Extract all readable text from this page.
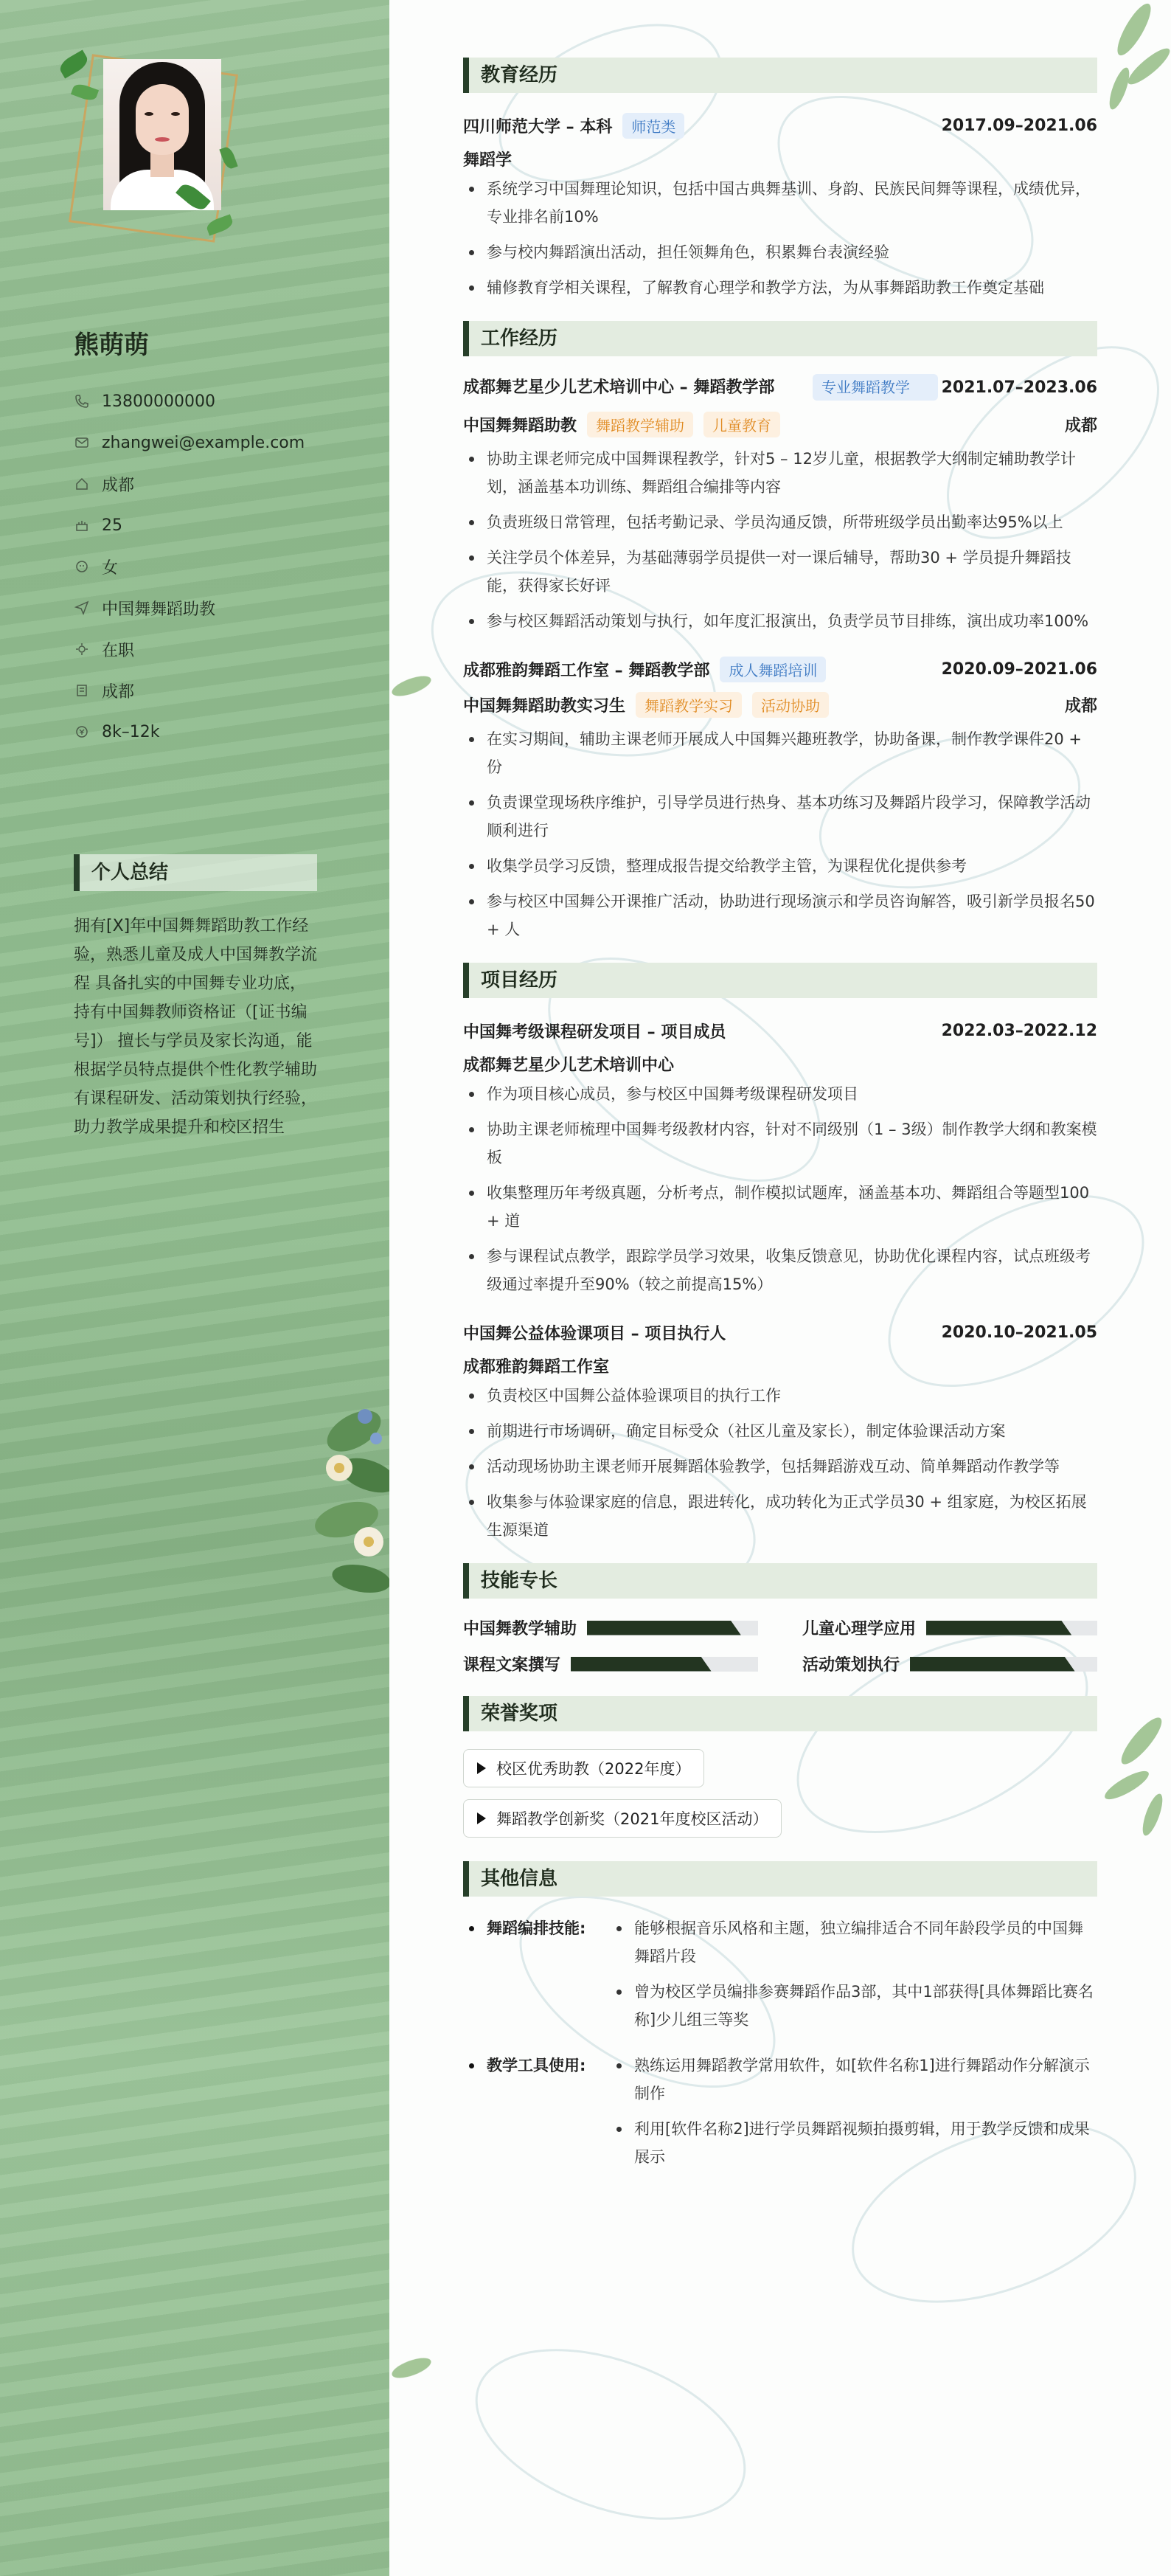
熊萌萌
13800000000
zhangwei@example.com
成都
25
女
中国舞舞蹈助教
在职
成都
8k–12k
个人总结
拥有[X]年中国舞舞蹈助教工作经验，熟悉儿童及成人中国舞教学流程 具备扎实的中国舞专业功底，持有中国舞教师资格证（[证书编号]） 擅长与学员及家长沟通，能根据学员特点提供个性化教学辅助 有课程研发、活动策划执行经验，助力教学成果提升和校区招生
教育经历
四川师范大学 – 本科	师范类	2017.09–2021.06
舞蹈学
系统学习中国舞理论知识，包括中国古典舞基训、身韵、民族民间舞等课程，成绩优异，专业排名前10%
参与校内舞蹈演出活动，担任领舞角色，积累舞台表演经验
辅修教育学相关课程，了解教育心理学和教学方法，为从事舞蹈助教工作奠定基础
工作经历
成都舞艺星少儿艺术培训中心 – 舞蹈教学部	专业舞蹈教学	2021.07–2023.06
中国舞舞蹈助教	舞蹈教学辅助	儿童教育	成都
协助主课老师完成中国舞课程教学，针对5 – 12岁儿童，根据教学大纲制定辅助教学计划，涵盖基本功训练、舞蹈组合编排等内容
负责班级日常管理，包括考勤记录、学员沟通反馈，所带班级学员出勤率达95%以上
关注学员个体差异，为基础薄弱学员提供一对一课后辅导，帮助30 + 学员提升舞蹈技能，获得家长好评
参与校区舞蹈活动策划与执行，如年度汇报演出，负责学员节目排练，演出成功率100%
成都雅韵舞蹈工作室 – 舞蹈教学部	成人舞蹈培训	2020.09–2021.06
中国舞舞蹈助教实习生	舞蹈教学实习	活动协助	成都
在实习期间，辅助主课老师开展成人中国舞兴趣班教学，协助备课，制作教学课件20 + 份
负责课堂现场秩序维护，引导学员进行热身、基本功练习及舞蹈片段学习，保障教学活动顺利进行
收集学员学习反馈，整理成报告提交给教学主管，为课程优化提供参考
参与校区中国舞公开课推广活动，协助进行现场演示和学员咨询解答，吸引新学员报名50 + 人
项目经历
中国舞考级课程研发项目 – 项目成员	2022.03–2022.12
成都舞艺星少儿艺术培训中心
作为项目核心成员，参与校区中国舞考级课程研发项目
协助主课老师梳理中国舞考级教材内容，针对不同级别（1 – 3级）制作教学大纲和教案模板
收集整理历年考级真题，分析考点，制作模拟试题库，涵盖基本功、舞蹈组合等题型100 + 道
参与课程试点教学，跟踪学员学习效果，收集反馈意见，协助优化课程内容，试点班级考级通过率提升至90%（较之前提高15%）
中国舞公益体验课项目 – 项目执行人	2020.10–2021.05
成都雅韵舞蹈工作室
负责校区中国舞公益体验课项目的执行工作
前期进行市场调研，确定目标受众（社区儿童及家长），制定体验课活动方案
活动现场协助主课老师开展舞蹈体验教学，包括舞蹈游戏互动、简单舞蹈动作教学等
收集参与体验课家庭的信息，跟进转化，成功转化为正式学员30 + 组家庭，为校区拓展生源渠道
技能专长
中国舞教学辅助	儿童心理学应用
课程文案撰写	活动策划执行
荣誉奖项
校区优秀助教（2022年度）
舞蹈教学创新奖（2021年度校区活动）
其他信息
舞蹈编排技能:	能够根据音乐风格和主题，独立编排适合不同年龄段学员的中国舞舞蹈片段
曾为校区学员编排参赛舞蹈作品3部，其中1部获得[具体舞蹈比赛名称]少儿组三等奖
教学工具使用:	熟练运用舞蹈教学常用软件，如[软件名称1]进行舞蹈动作分解演示制作
利用[软件名称2]进行学员舞蹈视频拍摄剪辑，用于教学反馈和成果展示
